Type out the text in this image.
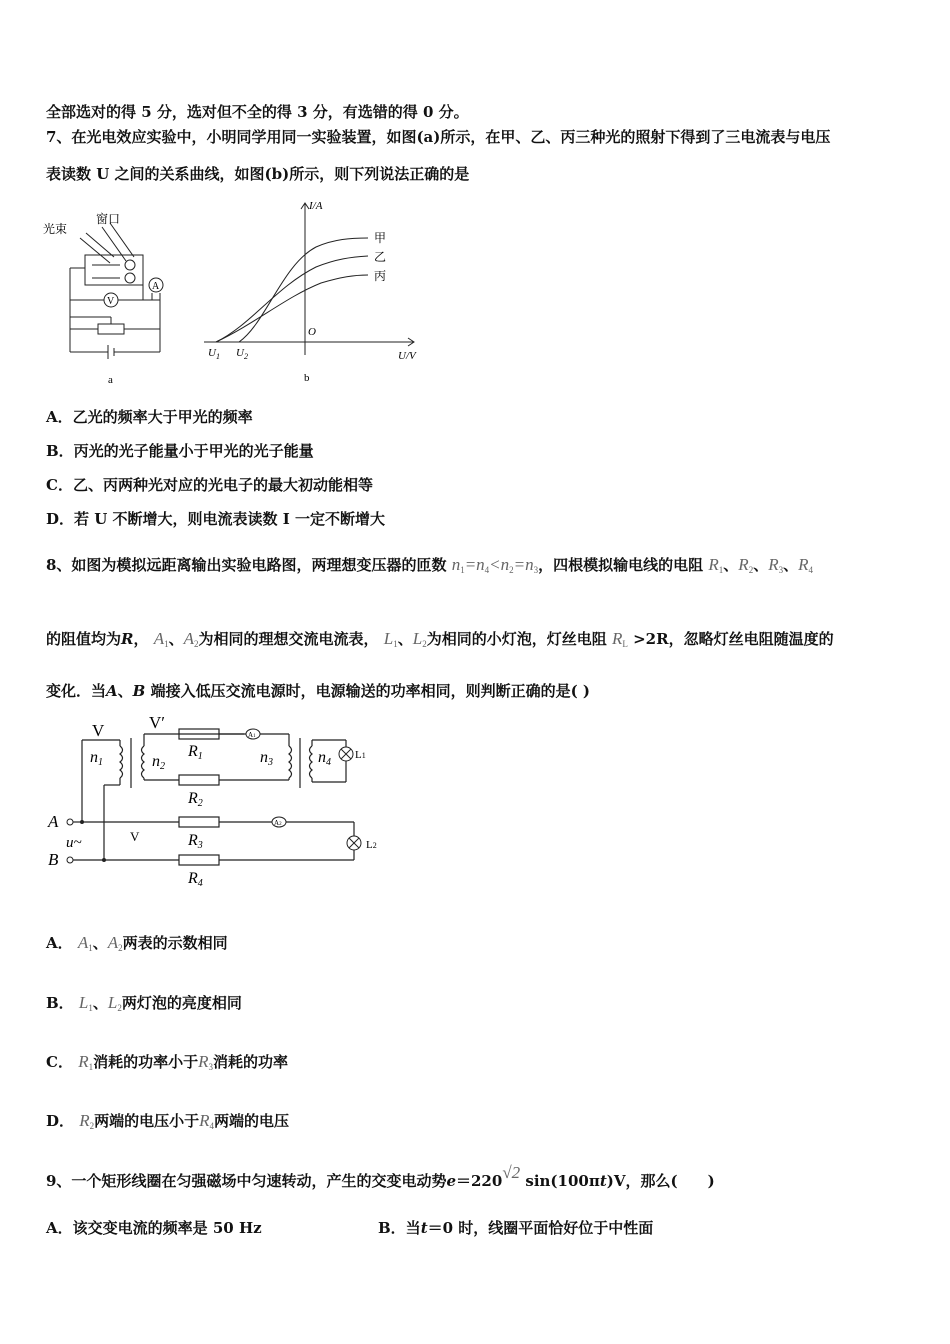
全部选对的得 5 分，选对但不全的得 3 分，有选错的得 0 分。
7、在光电效应实验中，小明同学用同一实验装置，如图(a)所示，在甲、乙、丙三种光的照射下得到了三电流表与电压
表读数 U 之间的关系曲线，如图(b)所示，则下列说法正确的是
V
A
光束
窗口
a
I/A
U/V
O
$U_1$ $U_2$
甲
乙
丙
b
A．乙光的频率大于甲光的频率
B．丙光的光子能量小于甲光的光子能量
C．乙、丙两种光对应的光电子的最大初动能相等
D．若 U 不断增大，则电流表读数 I 一定不断增大
8、如图为模拟远距离输出实验电路图，两理想变压器的匝数 $n_1=n_4<n_2=n_3$，四根模拟输电线的电阻 $R_1$、$R_2$、$R_3$、$R_4$
的阻值均为R， $A_1$、$A_2$为相同的理想交流电流表， $L_1$、$L_2$为相同的小灯泡，灯丝电阻 $R_L >2R$，忽略灯丝电阻随温度的
变化．当A、B 端接入低压交流电源时，电源输送的功率相同，则判断正确的是( )
A1
A2
L1
L2
V	V′
n1	n2
n3	n4
R1
R2
R3
R4
A
B
u~	V
A． $A_1$、$A_2$两表的示数相同
B． $L_1$、$L_2$两灯泡的亮度相同
C． $R_1$消耗的功率小于$R_3$消耗的功率
D． $R_2$两端的电压小于$R_4$两端的电压
9、一个矩形线圈在匀强磁场中匀速转动，产生的交变电动势e＝220√2 sin(100πt)V，那么(　　)
A．该交变电流的频率是 50 Hz	B．当t＝0 时，线圈平面恰好位于中性面
